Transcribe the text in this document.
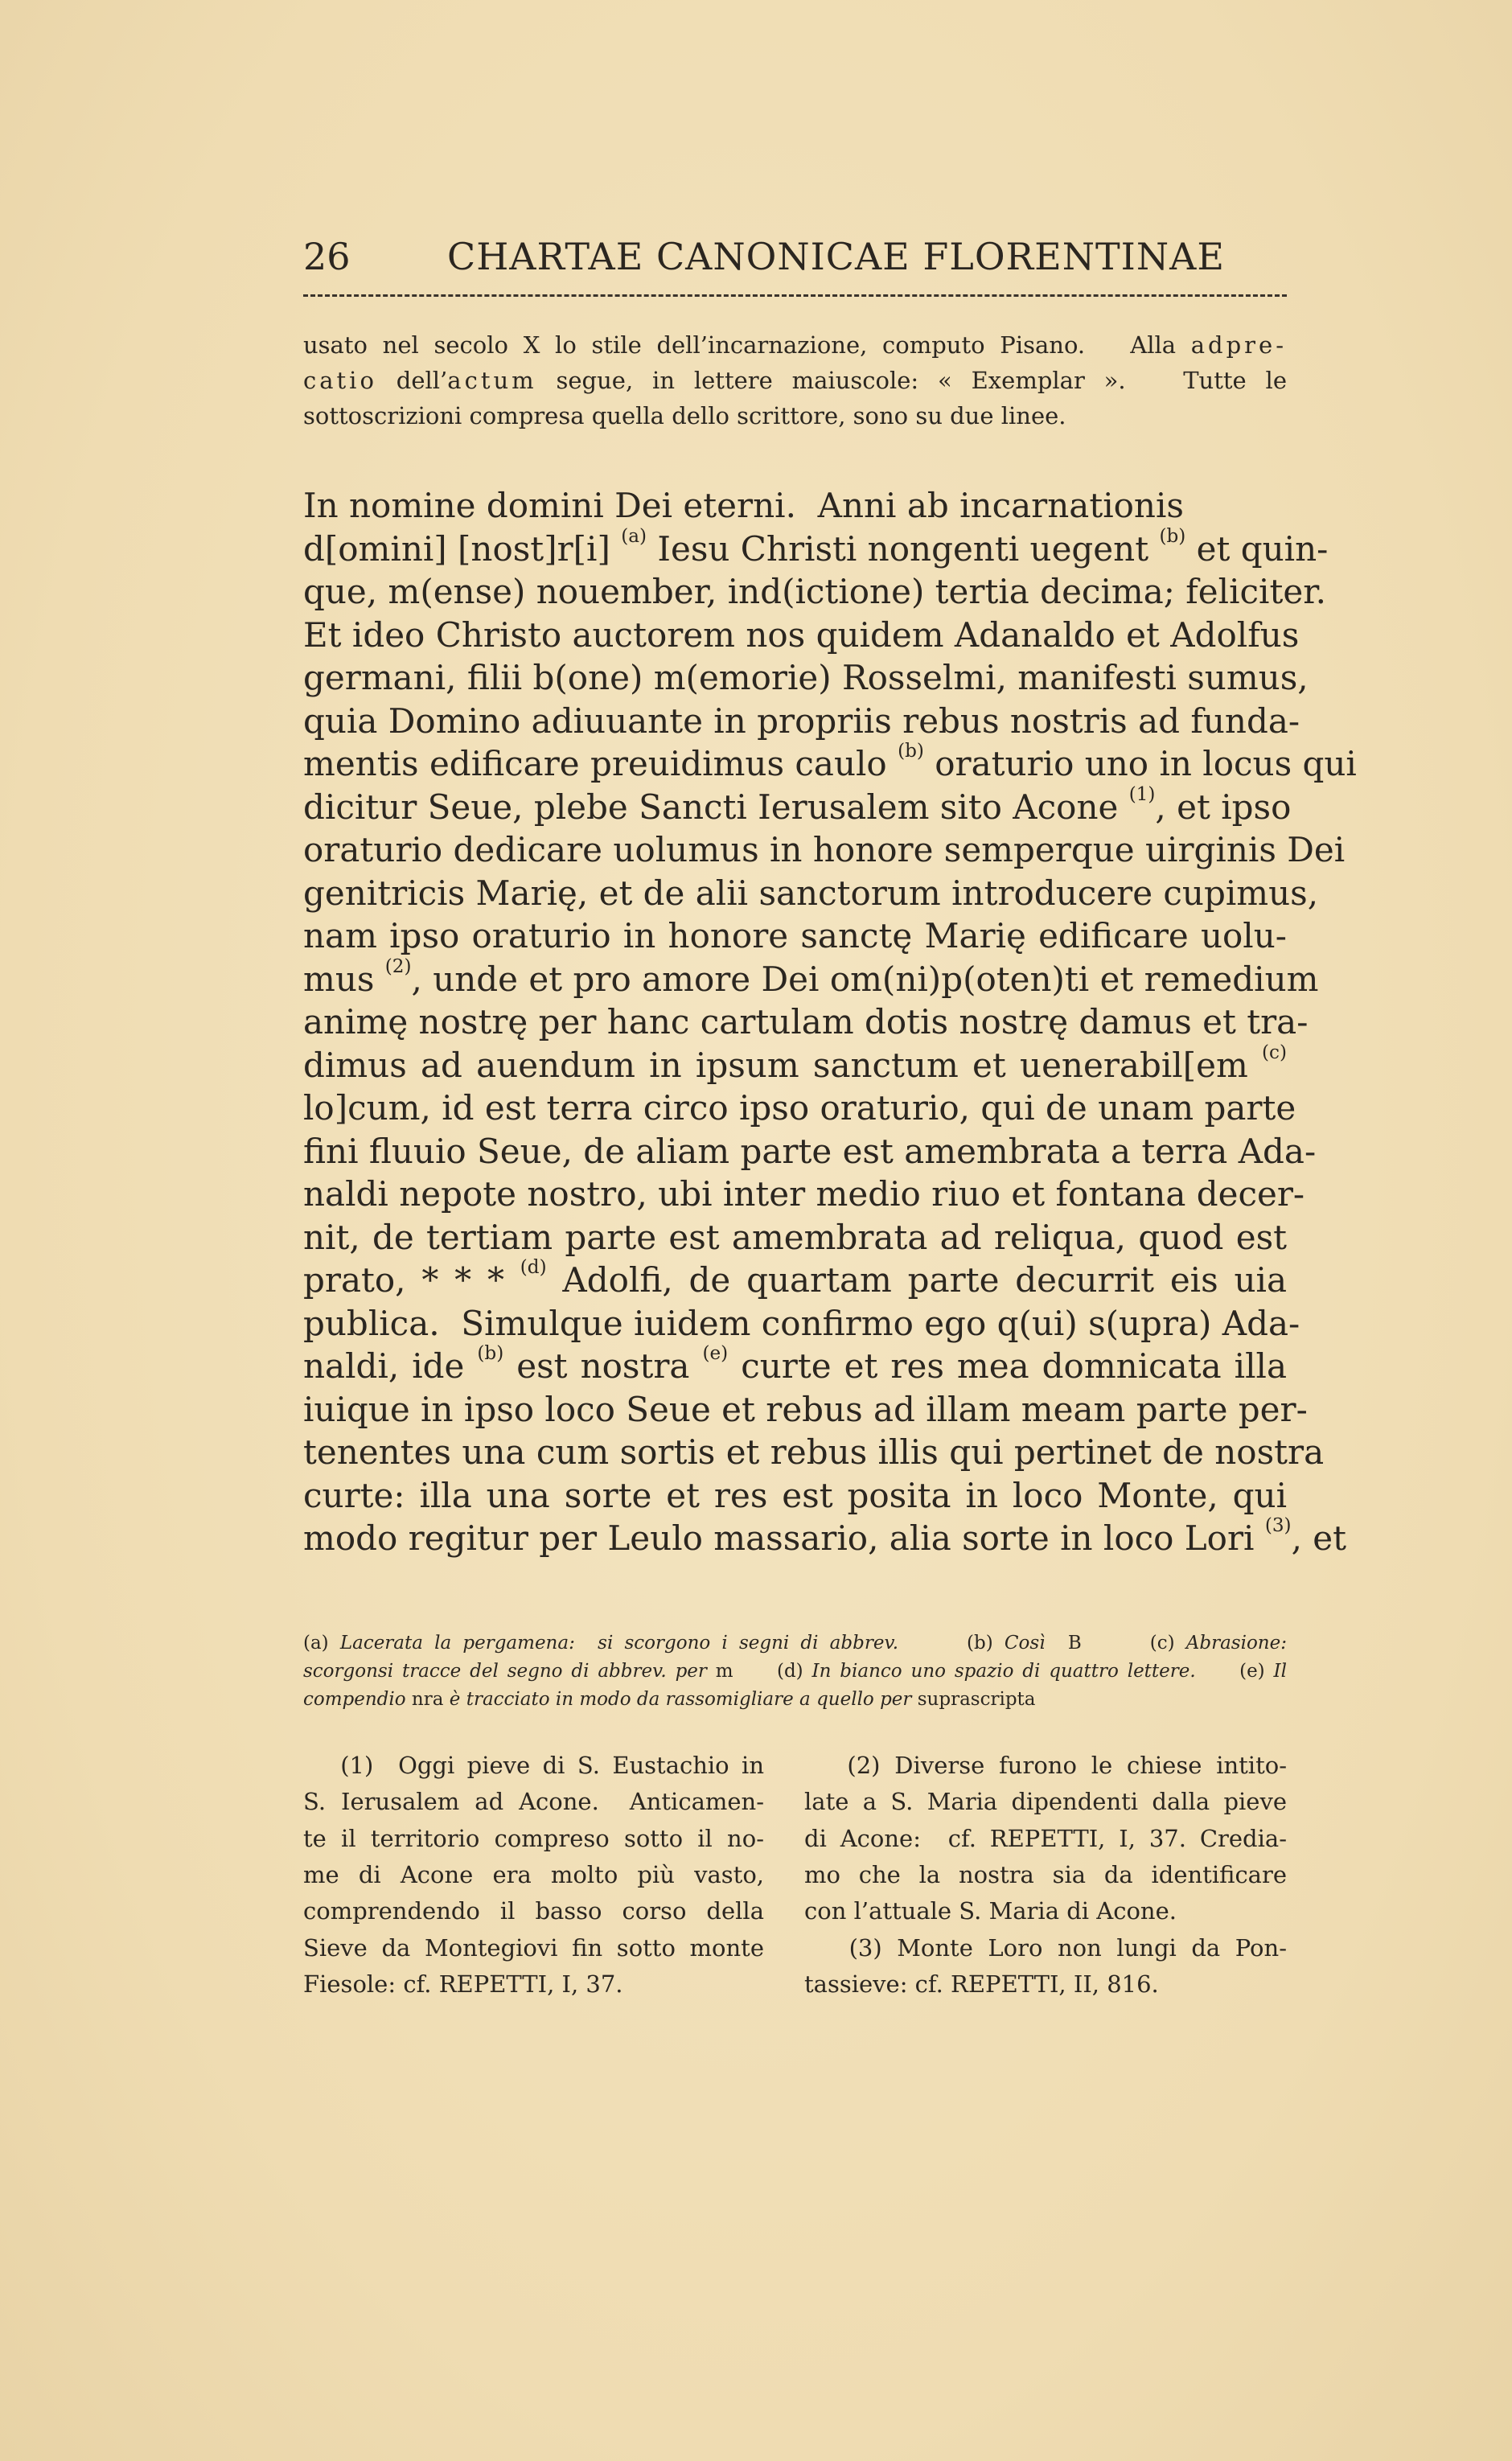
26	CHARTAE CANONICAE FLORENTINAE
usato nel secolo X lo stile dell’incarnazione, computo Pisano.   Alla adpre-
catio dell’actum segue, in lettere maiuscole: « Exemplar ».   Tutte le
sottoscrizioni compresa quella dello scrittore, sono su due linee.
In nomine domini Dei eterni.  Anni ab incarnationis
d[omini] [nost]r[i] $^{(a)}$ Iesu Christi nongenti uegent $^{(b)}$ et quin-
que, m(ense) nouember, ind(ictione) tertia decima; feliciter.
Et ideo Christo auctorem nos quidem Adanaldo et Adolfus
germani, filii b(one) m(emorie) Rosselmi, manifesti sumus,
quia Domino adiuuante in propriis rebus nostris ad funda-
mentis edificare preuidimus caulo $^{(b)}$ oraturio uno in locus qui
dicitur Seue, plebe Sancti Ierusalem sito Acone $^{(1)}$, et ipso
oraturio dedicare uolumus in honore semperque uirginis Dei
genitricis Marię, et de alii sanctorum introducere cupimus,
nam ipso oraturio in honore sanctę Marię edificare uolu-
mus $^{(2)}$, unde et pro amore Dei om(ni)p(oten)ti et remedium
animę nostrę per hanc cartulam dotis nostrę damus et tra-
dimus ad auendum in ipsum sanctum et uenerabil[em $^{(c)}$
lo]cum, id est terra circo ipso oraturio, qui de unam parte
fini fluuio Seue, de aliam parte est amembrata a terra Ada-
naldi nepote nostro, ubi inter medio riuo et fontana decer-
nit, de tertiam parte est amembrata ad reliqua, quod est
prato, * * * $^{(d)}$ Adolfi, de quartam parte decurrit eis uia
publica.  Simulque iuidem confirmo ego q(ui) s(upra) Ada-
naldi, ide $^{(b)}$ est nostra $^{(e)}$ curte et res mea domnicata illa
iuique in ipso loco Seue et rebus ad illam meam parte per-
tenentes una cum sortis et rebus illis qui pertinet de nostra
curte: illa una sorte et res est posita in loco Monte, qui
modo regitur per Leulo massario, alia sorte in loco Lori $^{(3)}$, et
(a) Lacerata la pergamena:  si scorgono i segni di abbrev.      (b) Così  B      (c) Abrasione:
scorgonsi tracce del segno di abbrev. per m     (d) In bianco uno spazio di quattro lettere.     (e) Il
compendio nra è tracciato in modo da rassomigliare a quello per suprascripta
(1)  Oggi pieve di S. Eustachio in
S. Ierusalem ad Acone.  Anticamen-
te il territorio compreso sotto il no-
me di Acone era molto più vasto,
comprendendo il basso corso della
Sieve da Montegiovi fin sotto monte
Fiesole: cf. REPETTI, I, 37.
(2) Diverse furono le chiese intito-
late a S. Maria dipendenti dalla pieve
di Acone:  cf. REPETTI, I, 37. Credia-
mo che la nostra sia da identificare
con l’attuale S. Maria di Acone.
(3) Monte Loro non lungi da Pon-
tassieve: cf. REPETTI, II, 816.
